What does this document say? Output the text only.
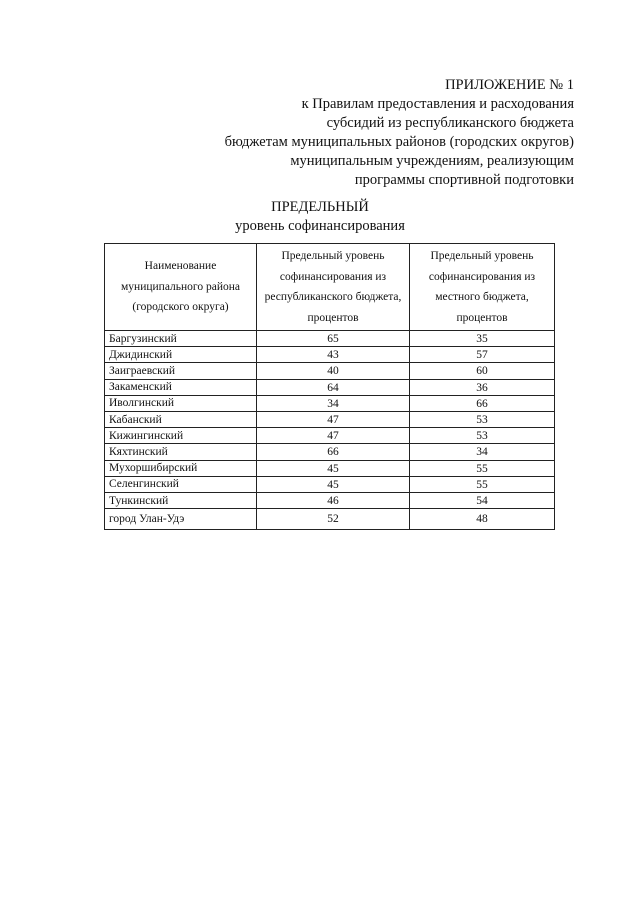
ПРИЛОЖЕНИЕ № 1
к Правилам предоставления и расходования
субсидий из республиканского бюджета
бюджетам муниципальных районов (городских округов)
муниципальным учреждениям, реализующим
программы спортивной подготовки
ПРЕДЕЛЬНЫЙ
уровень софинансирования
Наименование муниципального района (городского округа)	Предельный уровень софинансирования из республиканского бюджета, процентов	Предельный уровень софинансирования из местного бюджета, процентов
Баргузинский	65	35
Джидинский	43	57
Заиграевский	40	60
Закаменский	64	36
Иволгинский	34	66
Кабанский	47	53
Кижингинский	47	53
Кяхтинский	66	34
Мухоршибирский	45	55
Селенгинский	45	55
Тункинский	46	54
город Улан-Удэ	52	48
